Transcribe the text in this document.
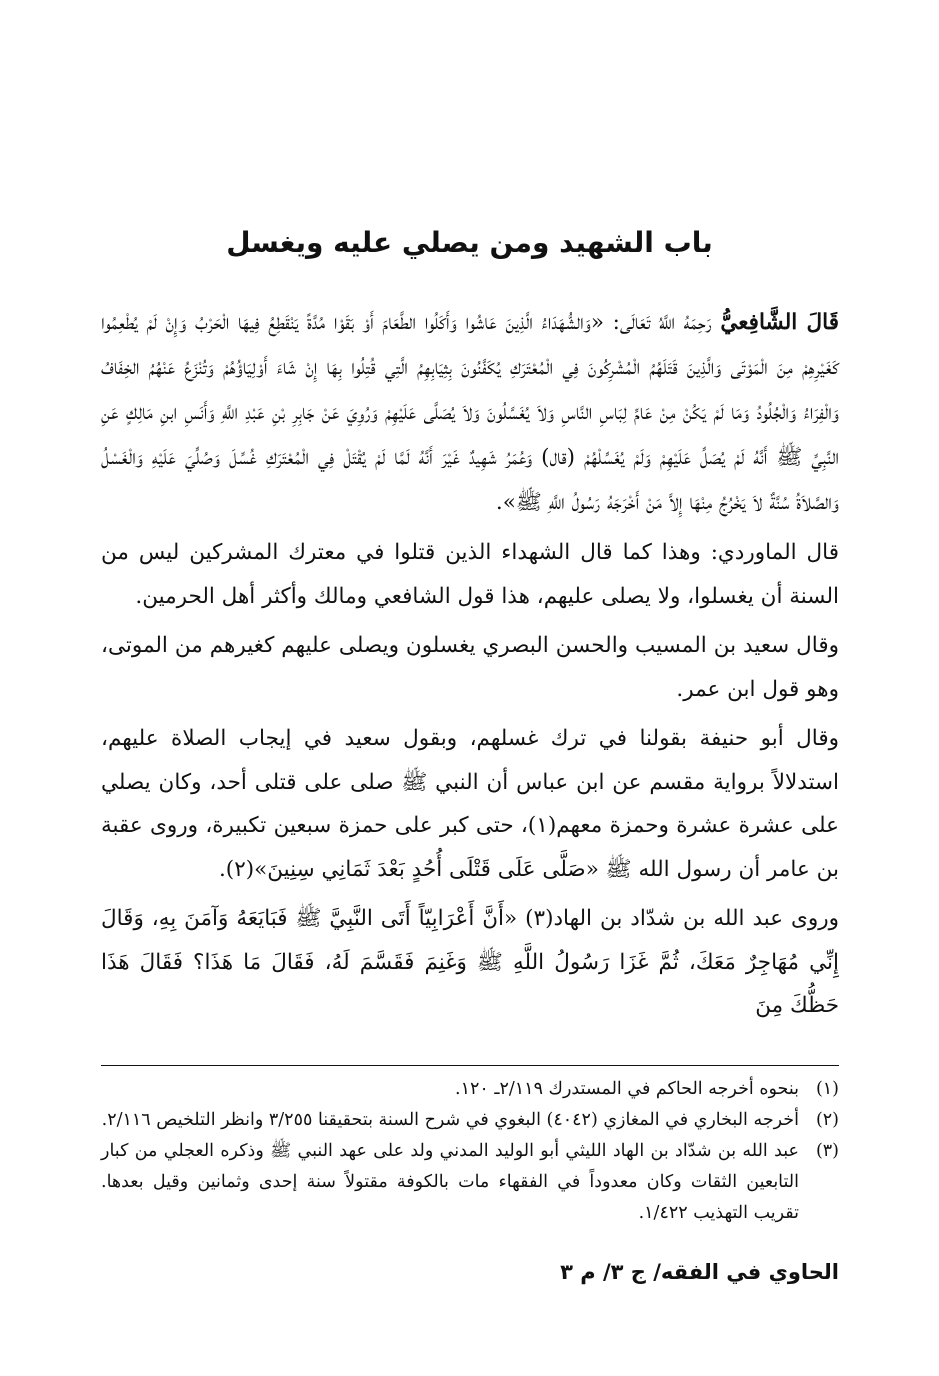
باب الشهيد ومن يصلي عليه ويغسل

قَالَ الشَّافِعيُّ رَحِمَهُ اللَّهُ تَعَالَى: «وَالشُّهَدَاءُ الَّذِينَ عَاشُوا وَأَكَلُوا الطَّعَامَ أَوْ بَقَوْا مُدَّةً يَنْقَطِعُ فِيهَا الْحَرْبُ وَإِنْ لَمْ يُطْعِمُوا كَغَيْرِهِمْ مِنَ الْمَوْتَى وَالَّذِينَ قَتَلَهُمُ الْمُشْرِكُونَ فِي الْمُعْتَرَكِ يُكَفَّنُونَ بِثِيَابِهِمُ الَّتِي قُتِلُوا بِهَا إِنْ شَاءَ أَوْلِيَاؤُهُمْ وَتُنْزَعُ عَنْهُمُ الخِفَافُ وَالْفِرَاءُ وَالْجُلُودُ وَمَا لَمْ يَكُنْ مِنْ عَامِّ لِبَاسِ النَّاسِ وَلاَ يُغَسَّلُونَ وَلاَ يُصَلَّى عَلَيْهِمْ وَرُوِيَ عَنْ جَابِرِ بْنِ عَبْدِ اللَّهِ وَأَنَسِ ابنِ مَالِكٍ عَنِ النَّبِيِّ ﷺ أَنَّهُ لَمْ يُصَلِّ عَلَيْهِمْ وَلَمْ يُغَسِّلْهُمْ (قال) وَعُمَرُ شَهِيدٌ غَيْرَ أَنَّهُ لَمَّا لَمْ يُقْتَلْ فِي الْمُعْتَرَكِ غُسِّلَ وَصُلِّيَ عَلَيْهِ وَالْغَسْلُ وَالصَّلاَةُ سُنَّةٌ لاَ يَخْرُجُ مِنْهَا إِلاَّ مَنْ أَخْرَجَهُ رَسُولُ اللَّهِ ﷺ».

قال الماوردي: وهذا كما قال الشهداء الذين قتلوا في معترك المشركين ليس من السنة أن يغسلوا، ولا يصلى عليهم، هذا قول الشافعي ومالك وأكثر أهل الحرمين.

وقال سعيد بن المسيب والحسن البصري يغسلون ويصلى عليهم كغيرهم من الموتى، وهو قول ابن عمر.

وقال أبو حنيفة بقولنا في ترك غسلهم، وبقول سعيد في إيجاب الصلاة عليهم، استدلالاً برواية مقسم عن ابن عباس أن النبي ﷺ صلى على قتلى أحد، وكان يصلي على عشرة عشرة وحمزة معهم(١)، حتى كبر على حمزة سبعين تكبيرة، وروى عقبة بن عامر أن رسول الله ﷺ «صَلَّى عَلَى قَتْلَى أُحُدٍ بَعْدَ ثَمَانِي سِنِينَ»(٢).

وروى عبد الله بن شدّاد بن الهاد(٣) «أَنَّ أَعْرَابِيّاً أَتَى النَّبِيَّ ﷺ فَبَايَعَهُ وَآمَنَ بِهِ، وَقَالَ إِنِّي مُهَاجِرٌ مَعَكَ، ثُمَّ غَزَا رَسُولُ اللَّهِ ﷺ وَغَنِمَ فَقَسَّمَ لَهُ، فَقَالَ مَا هَذَا؟ فَقَالَ هَذَا حَظُّكَ مِنَ

(١)
بنحوه أخرجه الحاكم في المستدرك ٢/١١٩ـ ١٢٠.
(٢)
أخرجه البخاري في المغازي (٤٠٤٢) البغوي في شرح السنة بتحقيقنا ٣/٢٥٥ وانظر التلخيص ٢/١١٦.
(٣)
عبد الله بن شدّاد بن الهاد الليثي أبو الوليد المدني ولد على عهد النبي ﷺ وذكره العجلي من كبار التابعين الثقات وكان معدوداً في الفقهاء مات بالكوفة مقتولاً سنة إحدى وثمانين وقيل بعدها. تقريب التهذيب ١/٤٢٢.
الحاوي في الفقه/ ج ٣/ م ٣
